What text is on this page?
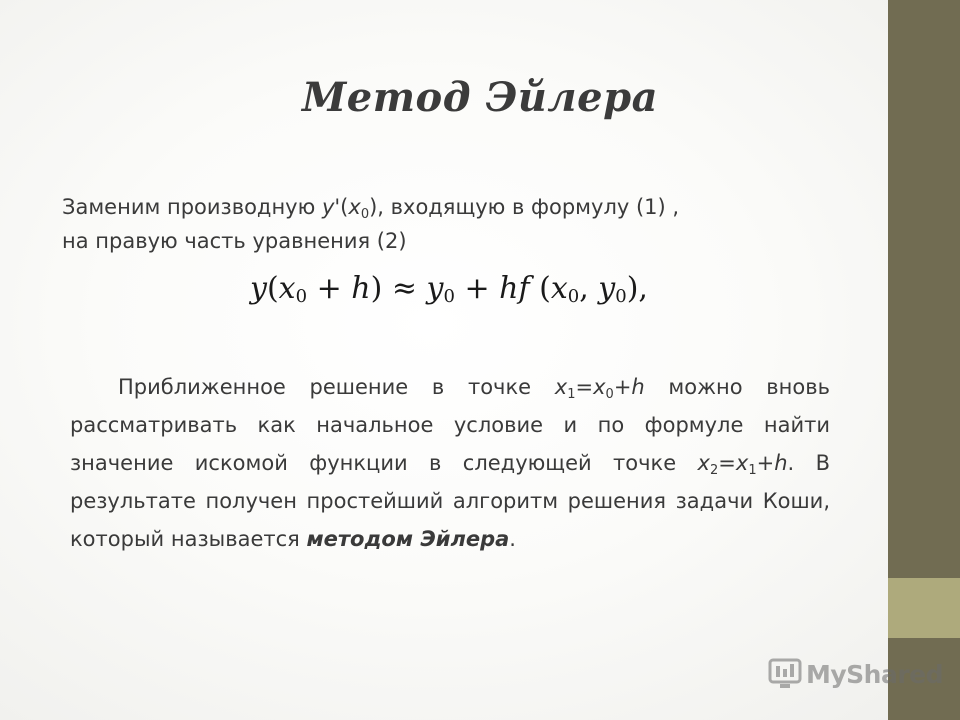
Метод Эйлера
Заменим производную $y'(x_0)$, входящую в формулу (1) ,
на правую часть уравнения (2)
$y(x_0 + h) \approx y_0$ + hf ($x_0$, $y_0$),
Приближенное решение в точке $x_1=x_0+h$ можно вновь рассматривать как начальное условие и по формуле найти значение искомой функции в следующей точке $x_2=x_1+h$. В результате получен простейший алгоритм решения задачи Коши, который называется методом Эйлера.
MyShared
